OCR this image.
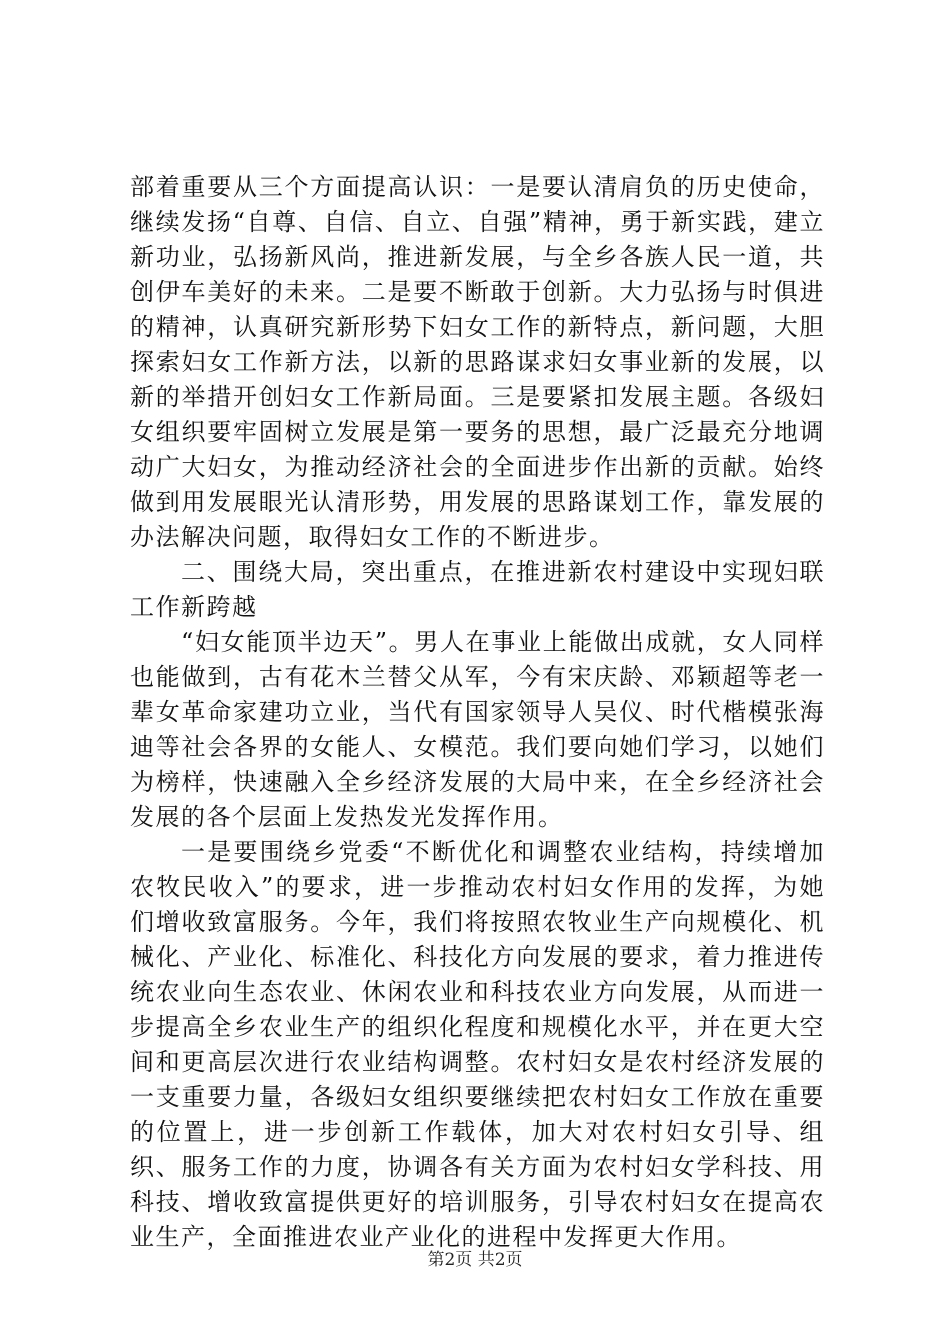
部着重要从三个方面提高认识：一是要认清肩负的历史使命，继续发扬“自尊、自信、自立、自强”精神，勇于新实践，建立新功业，弘扬新风尚，推进新发展，与全乡各族人民一道，共创伊车美好的未来。二是要不断敢于创新。大力弘扬与时俱进的精神，认真研究新形势下妇女工作的新特点，新问题，大胆探索妇女工作新方法，以新的思路谋求妇女事业新的发展，以新的举措开创妇女工作新局面。三是要紧扣发展主题。各级妇女组织要牢固树立发展是第一要务的思想，最广泛最充分地调动广大妇女，为推动经济社会的全面进步作出新的贡献。始终做到用发展眼光认清形势，用发展的思路谋划工作，靠发展的办法解决问题，取得妇女工作的不断进步。

二、围绕大局，突出重点，在推进新农村建设中实现妇联工作新跨越

“妇女能顶半边天”。男人在事业上能做出成就，女人同样也能做到，古有花木兰替父从军，今有宋庆龄、邓颖超等老一辈女革命家建功立业，当代有国家领导人吴仪、时代楷模张海迪等社会各界的女能人、女模范。我们要向她们学习，以她们为榜样，快速融入全乡经济发展的大局中来，在全乡经济社会发展的各个层面上发热发光发挥作用。

一是要围绕乡党委“不断优化和调整农业结构，持续增加农牧民收入”的要求，进一步推动农村妇女作用的发挥，为她们增收致富服务。今年，我们将按照农牧业生产向规模化、机械化、产业化、标准化、科技化方向发展的要求，着力推进传统农业向生态农业、休闲农业和科技农业方向发展，从而进一步提高全乡农业生产的组织化程度和规模化水平，并在更大空间和更高层次进行农业结构调整。农村妇女是农村经济发展的一支重要力量，各级妇女组织要继续把农村妇女工作放在重要的位置上，进一步创新工作载体，加大对农村妇女引导、组织、服务工作的力度，协调各有关方面为农村妇女学科技、用科技、增收致富提供更好的培训服务，引导农村妇女在提高农业生产，全面推进农业产业化的进程中发挥更大作用。

第2页 共2页
